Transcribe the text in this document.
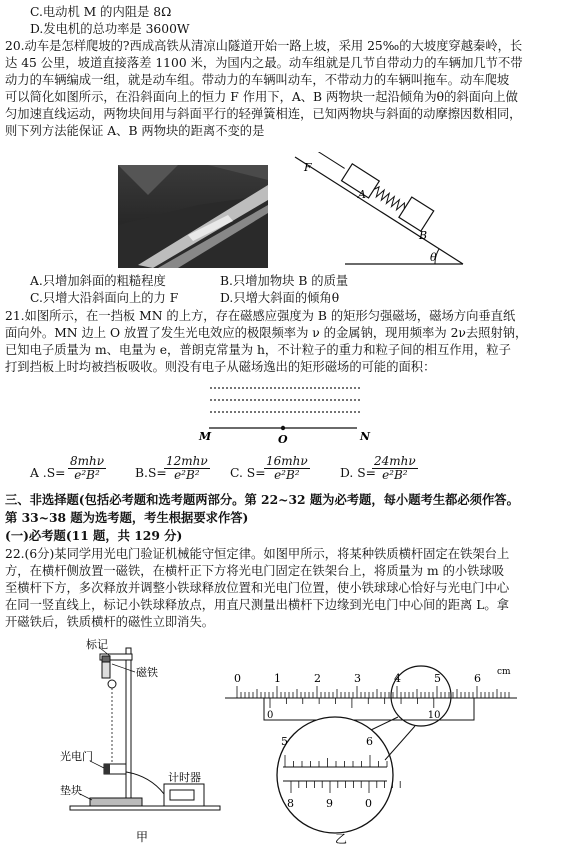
C.电动机 M 的内阻是 8Ω
D.发电机的总功率是 3600W
20.动车是怎样爬坡的?西成高铁从清凉山隧道开始一路上坡，采用 25‰的大坡度穿越秦岭，长
达 45 公里，坡道直接落差 1100 米，为国内之最。动车组就是几节自带动力的车辆加几节不带
动力的车辆编成一组，就是动车组。带动力的车辆叫动车，不带动力的车辆叫拖车。动车爬坡
可以简化如图所示，在沿斜面向上的恒力 F 作用下，A、B 两物块一起沿倾角为θ的斜面向上做
匀加速直线运动，两物块间用与斜面平行的轻弹簧相连，已知两物块与斜面的动摩擦因数相同，
则下列方法能保证 A、B 两物块的距离不变的是
F
A
B
θ
A.只增加斜面的粗糙程度	B.只增加物块 B 的质量
C.只增大沿斜面向上的力 F	D.只增大斜面的倾角θ
21.如图所示，在一挡板 MN 的上方，存在磁感应强度为 B 的矩形匀强磁场，磁场方向垂直纸
面向外。MN 边上 O 放置了发生光电效应的极限频率为 ν 的金属钠，现用频率为 2ν去照射钠，
已知电子质量为 m、电量为 e，普朗克常量为 h，不计粒子的重力和粒子间的相互作用，粒子
打到挡板上时均被挡板吸收。则没有电子从磁场逸出的矩形磁场的可能的面积：
M	O	N
A .S=
8mhν
e²B²	B.S=
12mhν
e²B²	C. S=
16mhν
e²B²	D. S=
24mhν
e²B²
三、非选择题(包括必考题和选考题两部分。第 22~32 题为必考题，每小题考生都必须作答。
第 33~38 题为选考题，考生根据要求作答)
(一)必考题(11 题，共 129 分)
22.(6分)某同学用光电门验证机械能守恒定律。如图甲所示，将某种铁质横杆固定在铁架台上
方，在横杆侧放置一磁铁，在横杆正下方将光电门固定在铁架台上，将质量为 m 的小铁球吸
至横杆下方，多次释放并调整小铁球释放位置和光电门位置，使小铁球球心恰好与光电门中心
在同一竖直线上，标记小铁球释放点，用直尺测量出横杆下边缘到光电门中心间的距离 L。拿
开磁铁后，铁质横杆的磁性立即消失。
标记
磁铁
光电门
计时器
垫块
甲
0	1	2	3	4	5	6 cm
0	10
5	6
8	9	0
乙
